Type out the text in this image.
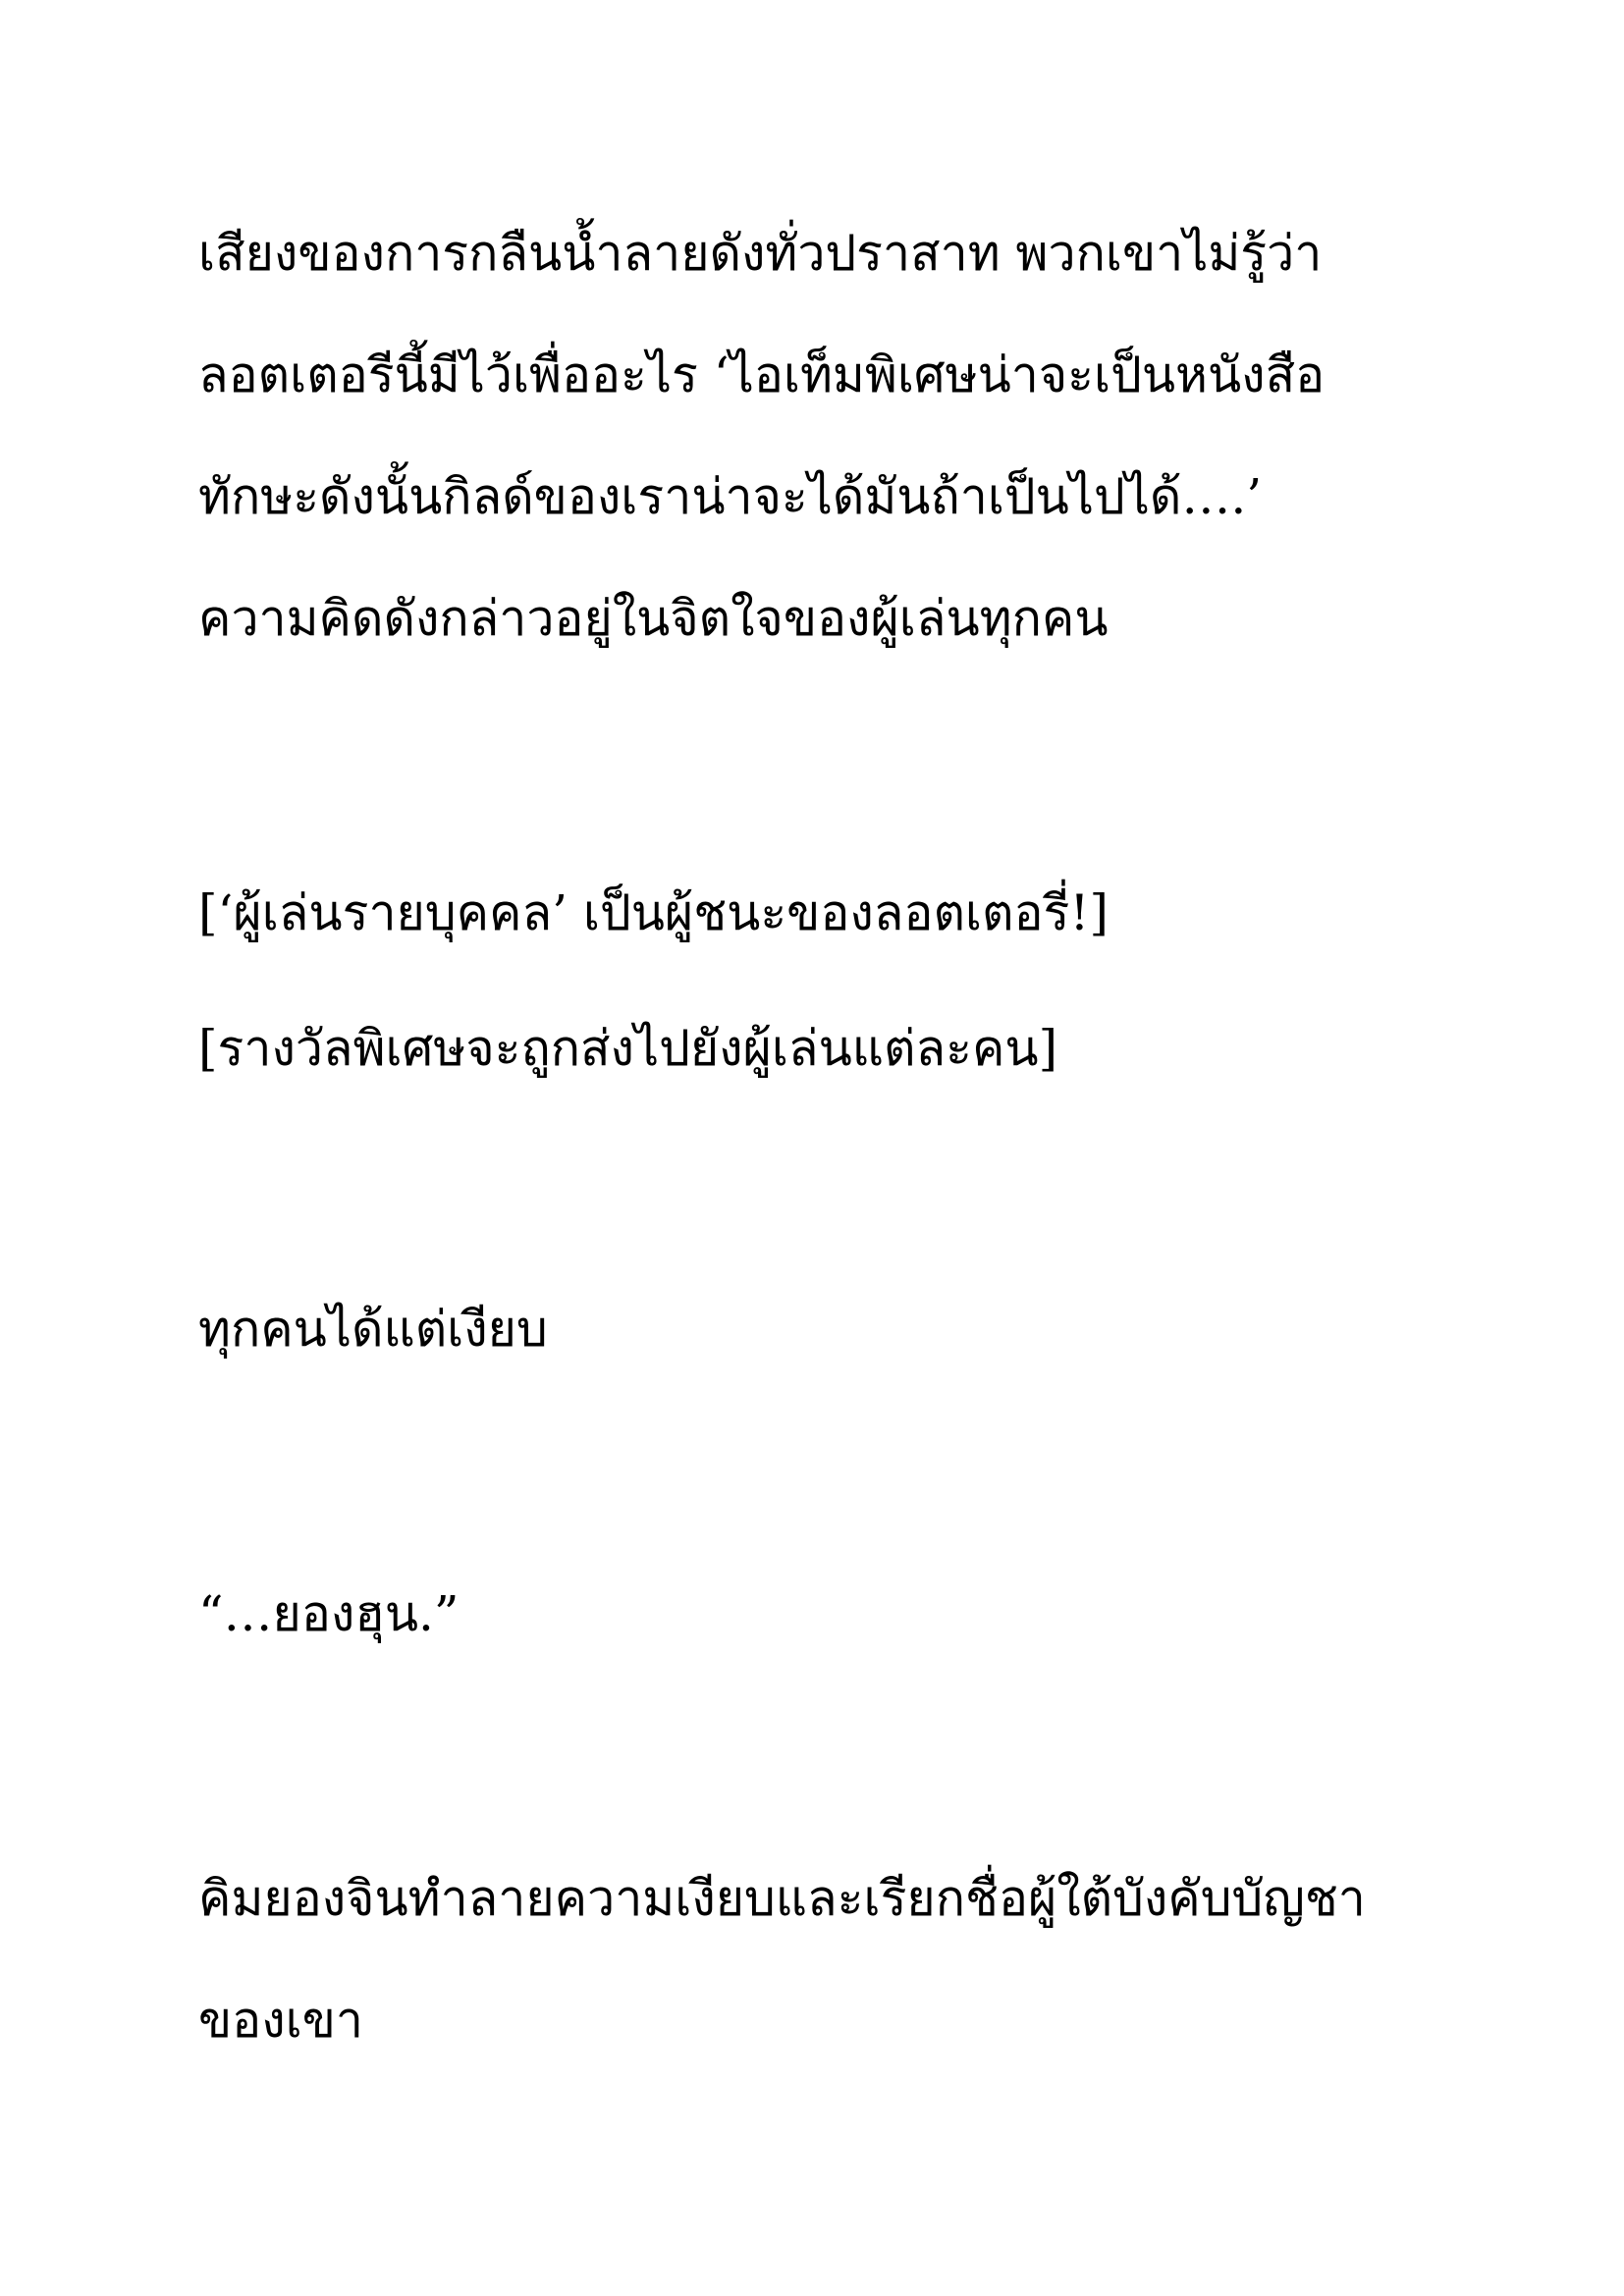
เสียงของการกลืนน้ำลายดังทั่วปราสาท พวกเขาไม่รู้ว่า

ลอตเตอรีนี้มีไว้เพื่ออะไร ‘ไอเท็มพิเศษน่าจะเป็นหนังสือ

ทักษะดังนั้นกิลด์ของเราน่าจะได้มันถ้าเป็นไปได้….’

ความคิดดังกล่าวอยู่ในจิตใจของผู้เล่นทุกคน

[‘ผู้เล่นรายบุคคล’ เป็นผู้ชนะของลอตเตอรี่!]

[รางวัลพิเศษจะถูกส่งไปยังผู้เล่นแต่ละคน]

ทุกคนได้แต่เงียบ

“…ยองฮุน.”

คิมยองจินทำลายความเงียบและเรียกชื่อผู้ใต้บังคับบัญชา

ของเขา
